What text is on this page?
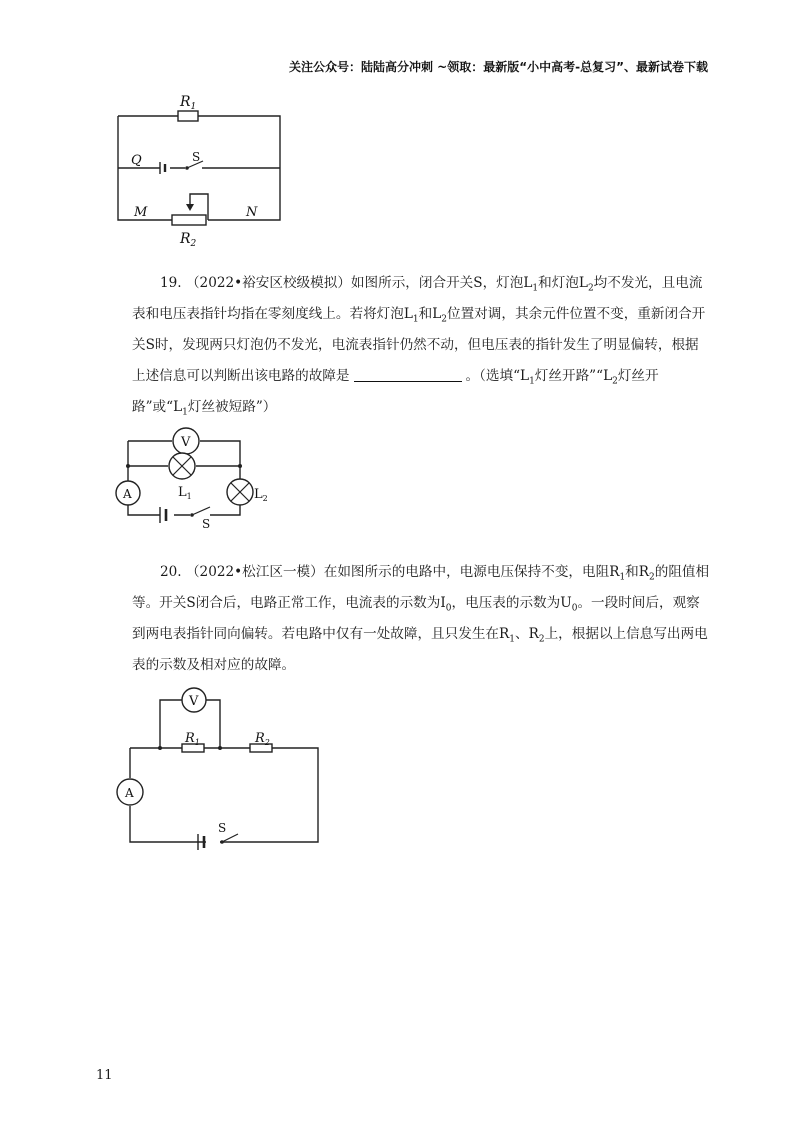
关注公众号：陆陆高分冲刺 ~领取：最新版“小中高考-总复习”、最新试卷下载
$R_1$
Q	S
M	N
$R_2$

19. （2022•裕安区校级模拟）如图所示，闭合开关S，灯泡$L_1$和灯泡$L_2$均不发光，且电流表和电压表指针均指在零刻度线上。若将灯泡$L_1$和$L_2$位置对调，其余元件位置不变，重新闭合开关S时，发现两只灯泡仍不发光，电流表指针仍然不动，但电压表的指针发生了明显偏转，根据上述信息可以判断出该电路的故障是	。（选填“$L_1$灯丝开路$”“L_2$灯丝开路”或“$L_1$灯丝被短路”）

V
A	$L_1$	$L_2$
S

20. （2022•松江区一模）在如图所示的电路中，电源电压保持不变，电阻$R_1$和$R_2$的阻值相等。开关S闭合后，电路正常工作，电流表的示数为$I_0$，电压表的示数为$U_0$。一段时间后，观察到两电表指针同向偏转。若电路中仅有一处故障，且只发生在$R_1$、$R_2$上，根据以上信息写出两电表的示数及相对应的故障。

V
A
$R_1$	$R_2$
S
11
